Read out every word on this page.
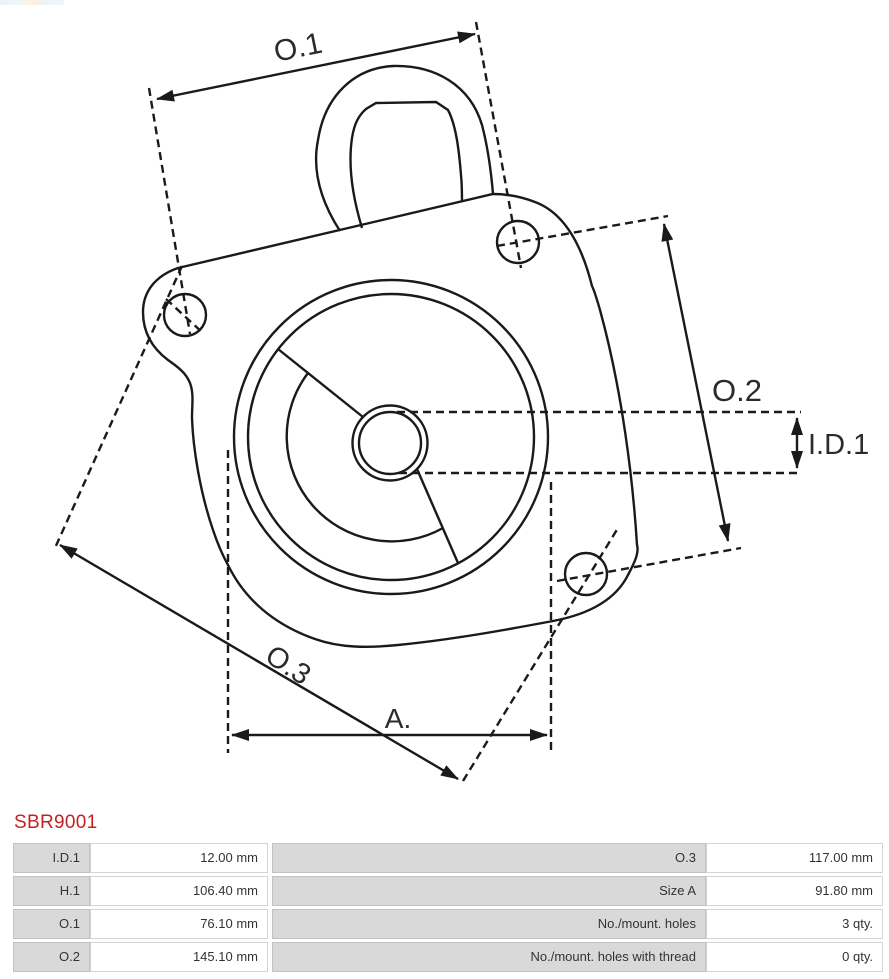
O.1
O.2
I.D.1
O.3
A.
SBR9001
I.D.1	12.00 mm	O.3	117.00 mm
H.1	106.40 mm	Size A	91.80 mm
O.1	76.10 mm	No./mount. holes	3 qty.
O.2	145.10 mm	No./mount. holes with thread	0 qty.
